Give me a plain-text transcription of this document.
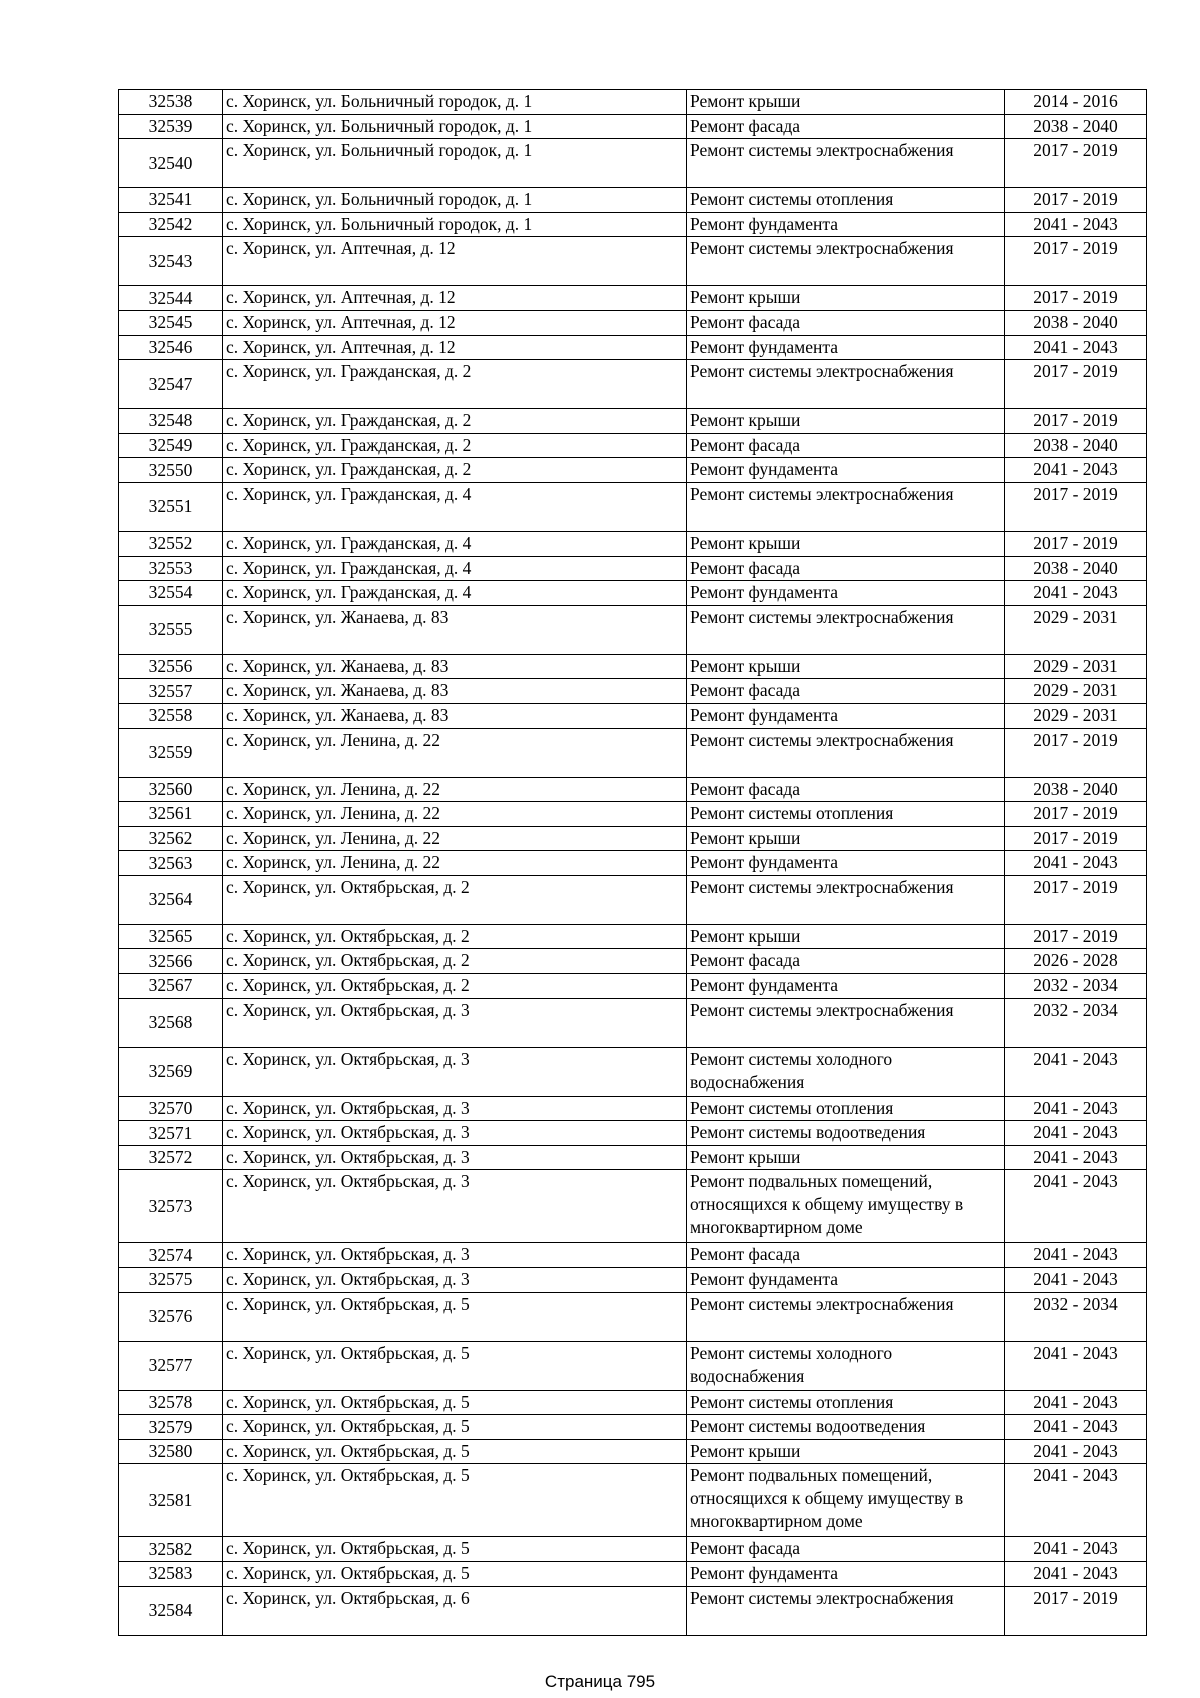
32538	с. Хоринск, ул. Больничный городок, д. 1	Ремонт крыши	2014 - 2016
32539	с. Хоринск, ул. Больничный городок, д. 1	Ремонт фасада	2038 - 2040
32540	с. Хоринск, ул. Больничный городок, д. 1	Ремонт системы электроснабжения	2017 - 2019
32541	с. Хоринск, ул. Больничный городок, д. 1	Ремонт системы отопления	2017 - 2019
32542	с. Хоринск, ул. Больничный городок, д. 1	Ремонт фундамента	2041 - 2043
32543	с. Хоринск, ул. Аптечная, д. 12	Ремонт системы электроснабжения	2017 - 2019
32544	с. Хоринск, ул. Аптечная, д. 12	Ремонт крыши	2017 - 2019
32545	с. Хоринск, ул. Аптечная, д. 12	Ремонт фасада	2038 - 2040
32546	с. Хоринск, ул. Аптечная, д. 12	Ремонт фундамента	2041 - 2043
32547	с. Хоринск, ул. Гражданская, д. 2	Ремонт системы электроснабжения	2017 - 2019
32548	с. Хоринск, ул. Гражданская, д. 2	Ремонт крыши	2017 - 2019
32549	с. Хоринск, ул. Гражданская, д. 2	Ремонт фасада	2038 - 2040
32550	с. Хоринск, ул. Гражданская, д. 2	Ремонт фундамента	2041 - 2043
32551	с. Хоринск, ул. Гражданская, д. 4	Ремонт системы электроснабжения	2017 - 2019
32552	с. Хоринск, ул. Гражданская, д. 4	Ремонт крыши	2017 - 2019
32553	с. Хоринск, ул. Гражданская, д. 4	Ремонт фасада	2038 - 2040
32554	с. Хоринск, ул. Гражданская, д. 4	Ремонт фундамента	2041 - 2043
32555	с. Хоринск, ул. Жанаева, д. 83	Ремонт системы электроснабжения	2029 - 2031
32556	с. Хоринск, ул. Жанаева, д. 83	Ремонт крыши	2029 - 2031
32557	с. Хоринск, ул. Жанаева, д. 83	Ремонт фасада	2029 - 2031
32558	с. Хоринск, ул. Жанаева, д. 83	Ремонт фундамента	2029 - 2031
32559	с. Хоринск, ул. Ленина, д. 22	Ремонт системы электроснабжения	2017 - 2019
32560	с. Хоринск, ул. Ленина, д. 22	Ремонт фасада	2038 - 2040
32561	с. Хоринск, ул. Ленина, д. 22	Ремонт системы отопления	2017 - 2019
32562	с. Хоринск, ул. Ленина, д. 22	Ремонт крыши	2017 - 2019
32563	с. Хоринск, ул. Ленина, д. 22	Ремонт фундамента	2041 - 2043
32564	с. Хоринск, ул. Октябрьская, д. 2	Ремонт системы электроснабжения	2017 - 2019
32565	с. Хоринск, ул. Октябрьская, д. 2	Ремонт крыши	2017 - 2019
32566	с. Хоринск, ул. Октябрьская, д. 2	Ремонт фасада	2026 - 2028
32567	с. Хоринск, ул. Октябрьская, д. 2	Ремонт фундамента	2032 - 2034
32568	с. Хоринск, ул. Октябрьская, д. 3	Ремонт системы электроснабжения	2032 - 2034
32569	с. Хоринск, ул. Октябрьская, д. 3	Ремонт системы холодного водоснабжения	2041 - 2043
32570	с. Хоринск, ул. Октябрьская, д. 3	Ремонт системы отопления	2041 - 2043
32571	с. Хоринск, ул. Октябрьская, д. 3	Ремонт системы водоотведения	2041 - 2043
32572	с. Хоринск, ул. Октябрьская, д. 3	Ремонт крыши	2041 - 2043
32573	с. Хоринск, ул. Октябрьская, д. 3	Ремонт подвальных помещений, относящихся к общему имуществу в многоквартирном доме	2041 - 2043
32574	с. Хоринск, ул. Октябрьская, д. 3	Ремонт фасада	2041 - 2043
32575	с. Хоринск, ул. Октябрьская, д. 3	Ремонт фундамента	2041 - 2043
32576	с. Хоринск, ул. Октябрьская, д. 5	Ремонт системы электроснабжения	2032 - 2034
32577	с. Хоринск, ул. Октябрьская, д. 5	Ремонт системы холодного водоснабжения	2041 - 2043
32578	с. Хоринск, ул. Октябрьская, д. 5	Ремонт системы отопления	2041 - 2043
32579	с. Хоринск, ул. Октябрьская, д. 5	Ремонт системы водоотведения	2041 - 2043
32580	с. Хоринск, ул. Октябрьская, д. 5	Ремонт крыши	2041 - 2043
32581	с. Хоринск, ул. Октябрьская, д. 5	Ремонт подвальных помещений, относящихся к общему имуществу в многоквартирном доме	2041 - 2043
32582	с. Хоринск, ул. Октябрьская, д. 5	Ремонт фасада	2041 - 2043
32583	с. Хоринск, ул. Октябрьская, д. 5	Ремонт фундамента	2041 - 2043
32584	с. Хоринск, ул. Октябрьская, д. 6	Ремонт системы электроснабжения	2017 - 2019
Страница 795
